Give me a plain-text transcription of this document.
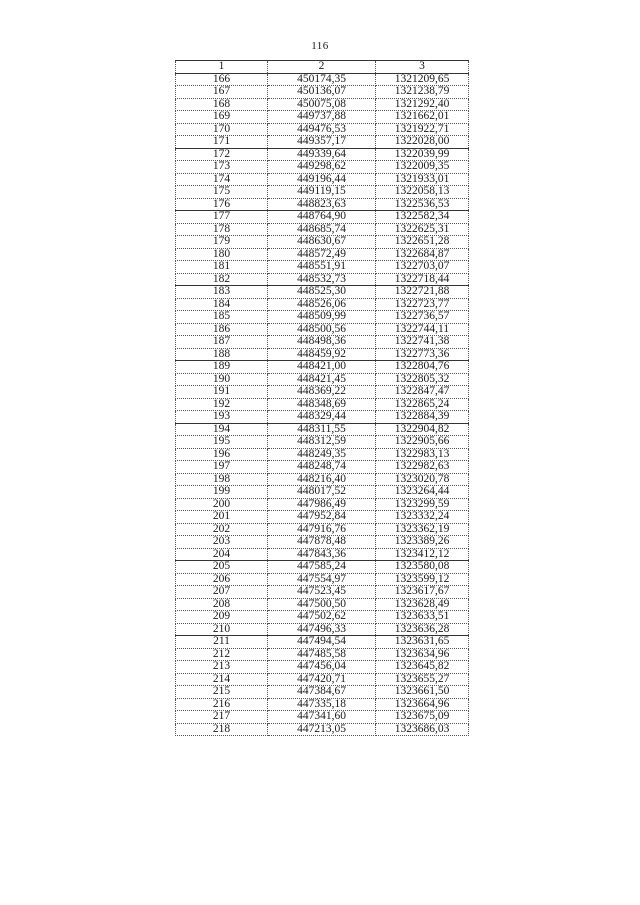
116
1	2	3
166	450174,35	1321209,65
167	450136,07	1321238,79
168	450075,08	1321292,40
169	449737,88	1321662,01
170	449476,53	1321922,71
171	449357,17	1322028,00
172	449339,64	1322039,99
173	449298,62	1322009,35
174	449196,44	1321933,01
175	449119,15	1322058,13
176	448823,63	1322536,53
177	448764,90	1322582,34
178	448685,74	1322625,31
179	448630,67	1322651,28
180	448572,49	1322684,87
181	448551,91	1322703,07
182	448532,73	1322718,44
183	448525,30	1322721,88
184	448526,06	1322723,77
185	448509,99	1322736,57
186	448500,56	1322744,11
187	448498,36	1322741,38
188	448459,92	1322773,36
189	448421,00	1322804,76
190	448421,45	1322805,32
191	448369,22	1322847,47
192	448348,69	1322865,24
193	448329,44	1322884,39
194	448311,55	1322904,82
195	448312,59	1322905,66
196	448249,35	1322983,13
197	448248,74	1322982,63
198	448216,40	1323020,78
199	448017,52	1323264,44
200	447986,49	1323299,59
201	447952,84	1323332,24
202	447916,76	1323362,19
203	447878,48	1323389,26
204	447843,36	1323412,12
205	447585,24	1323580,08
206	447554,97	1323599,12
207	447523,45	1323617,67
208	447500,50	1323628,49
209	447502,62	1323633,51
210	447496,33	1323636,28
211	447494,54	1323631,65
212	447485,58	1323634,96
213	447456,04	1323645,82
214	447420,71	1323655,27
215	447384,67	1323661,50
216	447335,18	1323664,96
217	447341,60	1323675,09
218	447213,05	1323686,03
